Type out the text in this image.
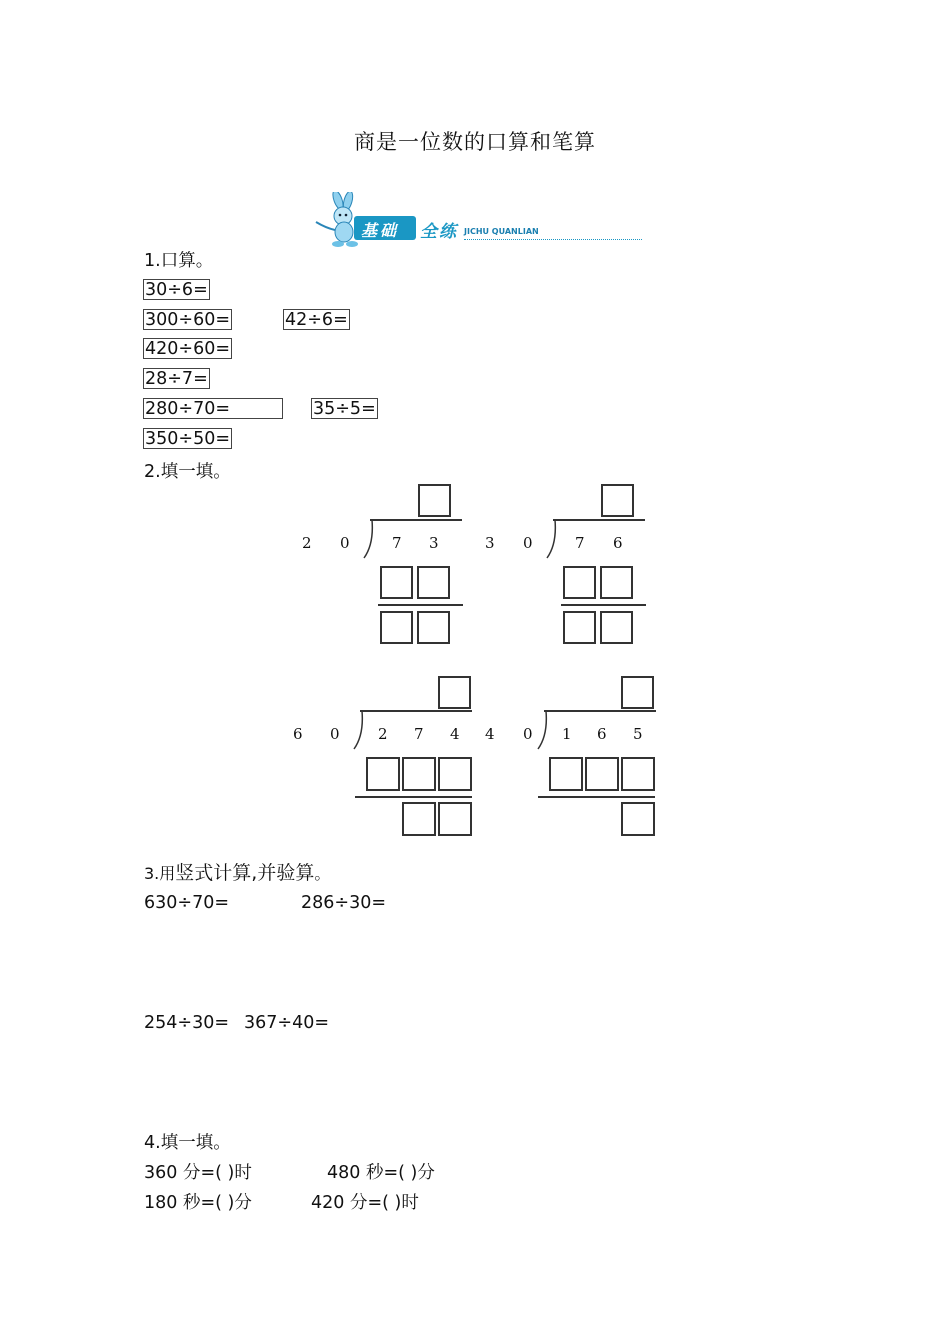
商是一位数的口算和笔算
基础 全练 JICHU QUANLIAN
1.口算。
30÷6=
300÷60=	42÷6=
420÷60=
28÷7=
280÷70=	35÷5=
350÷50=
2.填一填。
2 0	7 3	3 0	7 6
6 0	2 7 4 4 0 1 6 5
3.用竖式计算,并验算。
630÷70=	286÷30=
254÷30= 367÷40=
4.填一填。
360 分=( )时	480 秒=( )分
180 秒=( )分	420 分=( )时
